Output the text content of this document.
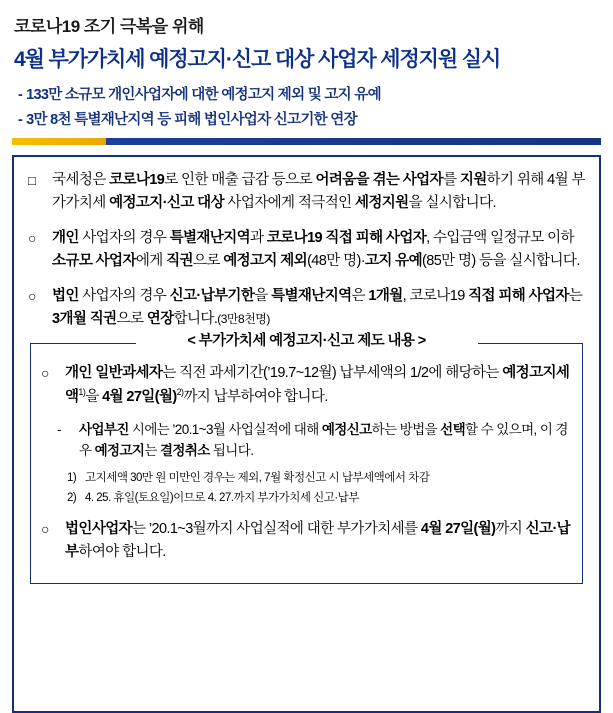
코로나19 조기 극복을 위해
4월 부가가치세 예정고지·신고 대상 사업자 세정지원 실시
- 133만 소규모 개인사업자에 대한 예정고지 제외 및 고지 유예
- 3만 8천 특별재난지역 등 피해 법인사업자 신고기한 연장
□ 국세청은 코로나19로 인한 매출 급감 등으로 어려움을 겪는 사업자를 지원하기 위해 4월 부가가치세 예정고지·신고 대상 사업자에게 적극적인 세정지원을 실시합니다.
○ 개인 사업자의 경우 특별재난지역과 코로나19 직접 피해 사업자, 수입금액 일정규모 이하 소규모 사업자에게 직권으로 예정고지 제외(48만 명)·고지 유예(85만 명) 등을 실시합니다.
○ 법인 사업자의 경우 신고·납부기한을 특별재난지역은 1개월, 코로나19 직접 피해 사업자는 3개월 직권으로 연장합니다.(3만8천명)
< 부가가치세 예정고지·신고 제도 내용 >
○ 개인 일반과세자는 직전 과세기간(’19.7~12월) 납부세액의 1/2에 해당하는 예정고지세액$^{1)}$을 4월 27일(월)$^{2)}$까지 납부하여야 합니다.
- 사업부진 시에는 ’20.1~3월 사업실적에 대해 예정신고하는 방법을 선택할 수 있으며, 이 경우 예정고지는 결정취소 됩니다.
1) 고지세액 30만 원 미만인 경우는 제외, 7월 확정신고 시 납부세액에서 차감
2) 4. 25. 휴일(토요일)이므로 4. 27.까지 부가가치세 신고·납부
○ 법인사업자는 ’20.1~3월까지 사업실적에 대한 부가가치세를 4월 27일(월)까지 신고·납부하여야 합니다.
